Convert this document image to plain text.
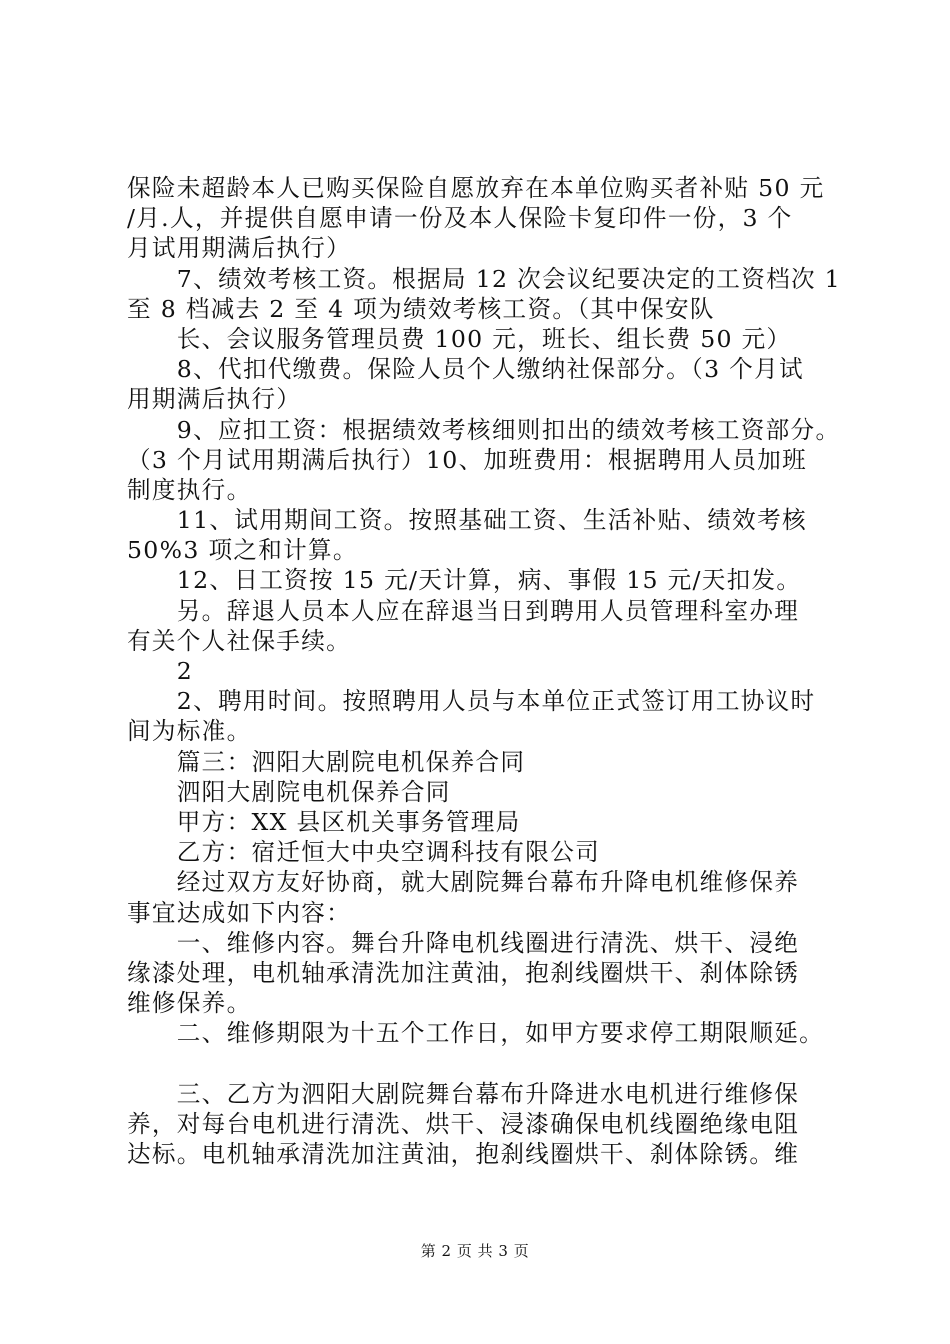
保险未超龄本人已购买保险自愿放弃在本单位购买者补贴 50 元
/月.人，并提供自愿申请一份及本人保险卡复印件一份，3 个
月试用期满后执行）
　　7、绩效考核工资。根据局 12 次会议纪要决定的工资档次 1
至 8 档减去 2 至 4 项为绩效考核工资。（其中保安队
　　长、会议服务管理员费 100 元，班长、组长费 50 元）
　　8、代扣代缴费。保险人员个人缴纳社保部分。（3 个月试
用期满后执行）
　　9、应扣工资：根据绩效考核细则扣出的绩效考核工资部分。
（3 个月试用期满后执行）10、加班费用：根据聘用人员加班
制度执行。
　　11、试用期间工资。按照基础工资、生活补贴、绩效考核
50%3 项之和计算。
　　12、日工资按 15 元/天计算，病、事假 15 元/天扣发。
　　另。辞退人员本人应在辞退当日到聘用人员管理科室办理
有关个人社保手续。
　　2
　　2、聘用时间。按照聘用人员与本单位正式签订用工协议时
间为标准。
　　篇三：泗阳大剧院电机保养合同
　　泗阳大剧院电机保养合同
　　甲方：XX 县区机关事务管理局
　　乙方：宿迁恒大中央空调科技有限公司
　　经过双方友好协商，就大剧院舞台幕布升降电机维修保养
事宜达成如下内容：
　　一、维修内容。舞台升降电机线圈进行清洗、烘干、浸绝
缘漆处理，电机轴承清洗加注黄油，抱刹线圈烘干、刹体除锈
维修保养。
　　二、维修期限为十五个工作日，如甲方要求停工期限顺延。
　　三、乙方为泗阳大剧院舞台幕布升降进水电机进行维修保
养，对每台电机进行清洗、烘干、浸漆确保电机线圈绝缘电阻
达标。电机轴承清洗加注黄油，抱刹线圈烘干、刹体除锈。维
第 2 页 共 3 页
